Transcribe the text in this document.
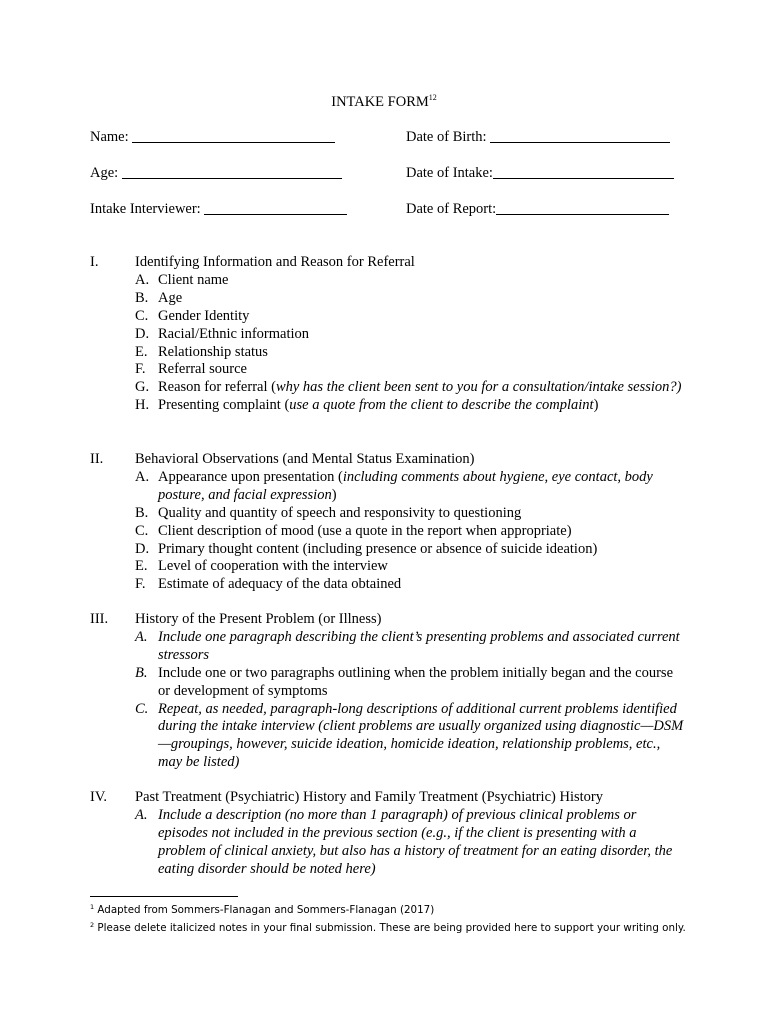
INTAKE FORM$^{12}$
Name:	Date of Birth:
Age:	Date of Intake:
Intake Interviewer:	Date of Report:
I.	Identifying Information and Reason for Referral
A. Client name
B. Age
C. Gender Identity
D. Racial/Ethnic information
E. Relationship status
F. Referral source
G. Reason for referral (why has the client been sent to you for a consultation/intake session?)
H. Presenting complaint (use a quote from the client to describe the complaint)
II. Behavioral Observations (and Mental Status Examination)
A. Appearance upon presentation (including comments about hygiene, eye contact, body posture, and facial expression)
B. Quality and quantity of speech and responsivity to questioning
C. Client description of mood (use a quote in the report when appropriate)
D. Primary thought content (including presence or absence of suicide ideation)
E. Level of cooperation with the interview
F. Estimate of adequacy of the data obtained
III. History of the Present Problem (or Illness)
A. Include one paragraph describing the client’s presenting problems and associated current stressors
B. Include one or two paragraphs outlining when the problem initially began and the course or development of symptoms
C. Repeat, as needed, paragraph-long descriptions of additional current problems identified during the intake interview (client problems are usually organized using diagnostic—DSM—groupings, however, suicide ideation, homicide ideation, relationship problems, etc., may be listed)
IV. Past Treatment (Psychiatric) History and Family Treatment (Psychiatric) History
A. Include a description (no more than 1 paragraph) of previous clinical problems or episodes not included in the previous section (e.g., if the client is presenting with a problem of clinical anxiety, but also has a history of treatment for an eating disorder, the eating disorder should be noted here)
$^1$ Adapted from Sommers-Flanagan and Sommers-Flanagan (2017)
$^2$ Please delete italicized notes in your final submission. These are being provided here to support your writing only.
